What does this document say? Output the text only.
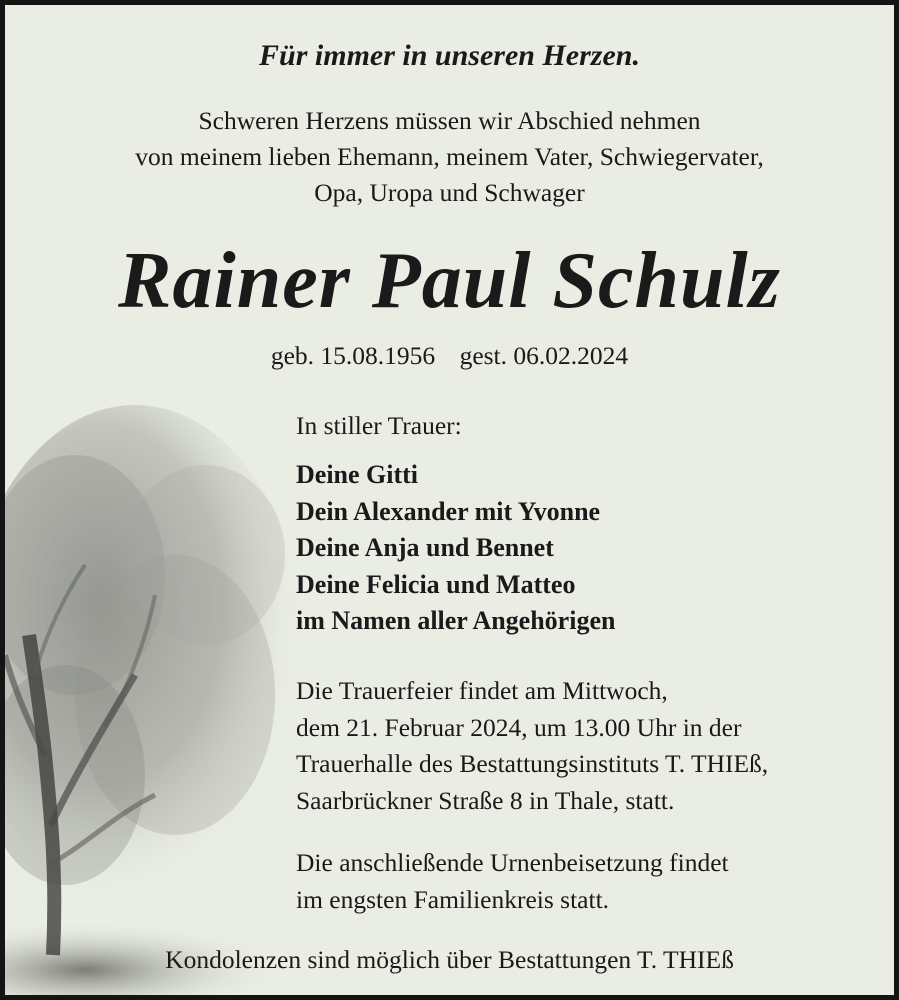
Für immer in unseren Herzen.
Schweren Herzens müssen wir Abschied nehmen
von meinem lieben Ehemann, meinem Vater, Schwiegervater,
Opa, Uropa und Schwager
Rainer Paul Schulz
geb. 15.08.1956 gest. 06.02.2024
In stiller Trauer:
Deine Gitti
Dein Alexander mit Yvonne
Deine Anja und Bennet
Deine Felicia und Matteo
im Namen aller Angehörigen
Die Trauerfeier findet am Mittwoch,
dem 21. Februar 2024, um 13.00 Uhr in der
Trauerhalle des Bestattungsinstituts T. THIEß,
Saarbrückner Straße 8 in Thale, statt.
Die anschließende Urnenbeisetzung findet
im engsten Familienkreis statt.
Kondolenzen sind möglich über Bestattungen T. THIEß
